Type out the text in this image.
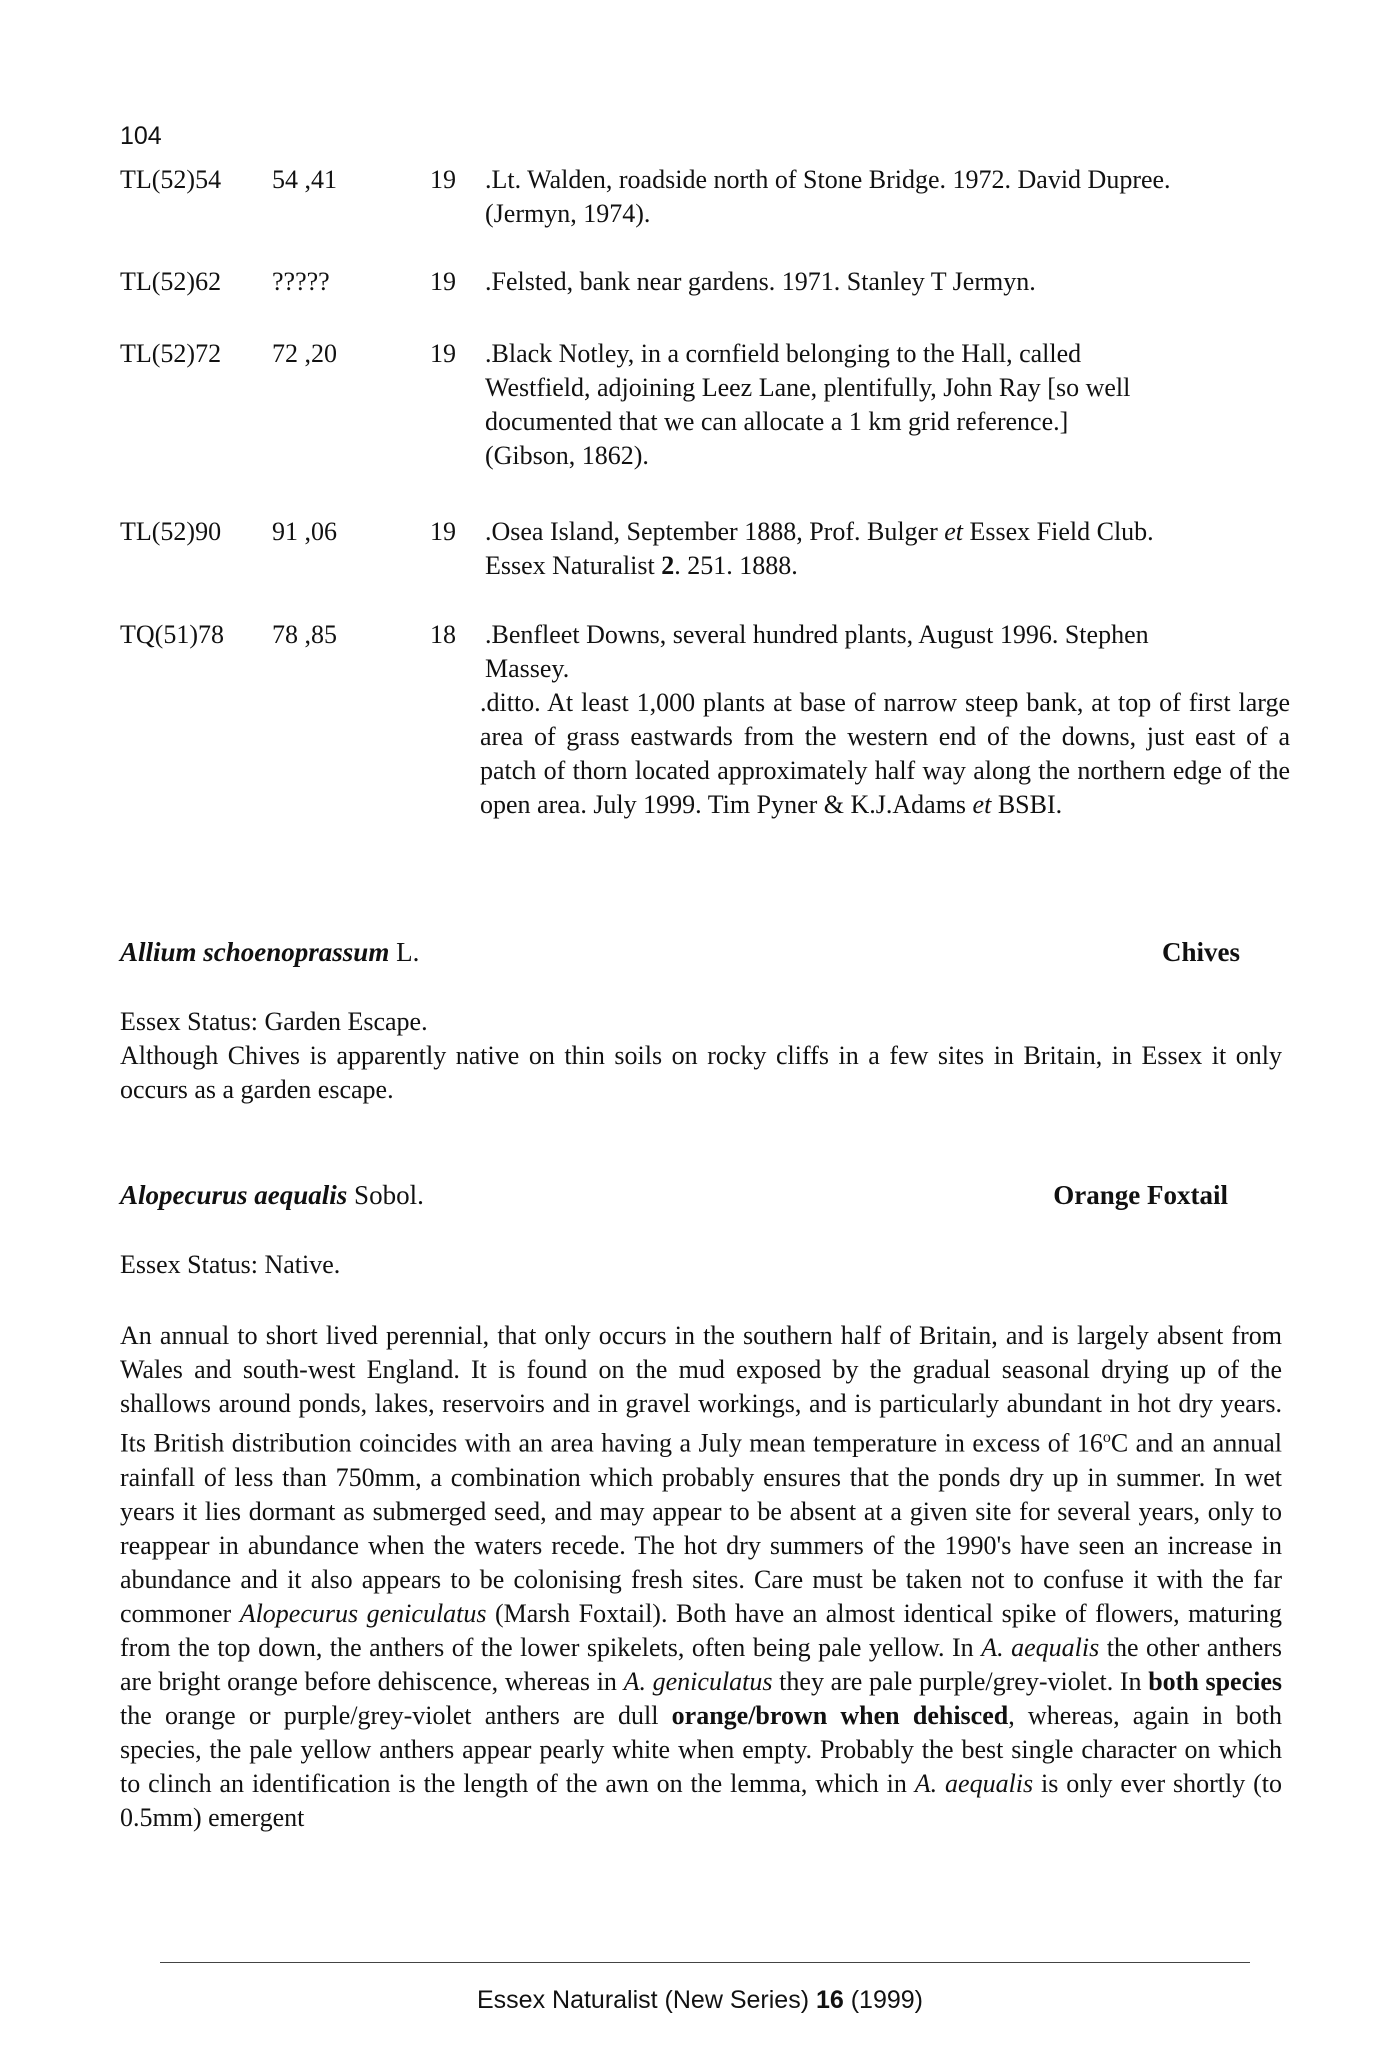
104
TL(52)54 54 ,41	19 .Lt. Walden, roadside north of Stone Bridge. 1972. David Dupree.
(Jermyn, 1974).
TL(52)62 ?????	19 .Felsted, bank near gardens. 1971. Stanley T Jermyn.
TL(52)72 72 ,20	19 .Black Notley, in a cornfield belonging to the Hall, called
Westfield, adjoining Leez Lane, plentifully, John Ray [so well
documented that we can allocate a 1 km grid reference.]
(Gibson, 1862).
TL(52)90 91 ,06	19 .Osea Island, September 1888, Prof. Bulger et Essex Field Club.
Essex Naturalist 2. 251. 1888.
TQ(51)78 78 ,85	18 .Benfleet Downs, several hundred plants, August 1996. Stephen
Massey.
.ditto. At least 1,000 plants at base of narrow steep bank, at top of first large area of grass eastwards from the western end of the downs, just east of a patch of thorn located approximately half way along the northern edge of the open area. July 1999. Tim Pyner & K.J.Adams et BSBI.
Allium schoenoprassum L.	Chives
Essex Status: Garden Escape.
Although Chives is apparently native on thin soils on rocky cliffs in a few sites in Britain, in Essex it only occurs as a garden escape.
Alopecurus aequalis Sobol.	Orange Foxtail
Essex Status: Native.
An annual to short lived perennial, that only occurs in the southern half of Britain, and is largely absent from Wales and south-west England. It is found on the mud exposed by the gradual seasonal drying up of the shallows around ponds, lakes, reservoirs and in gravel workings, and is particularly abundant in hot dry years. Its British distribution coincides with an area having a July mean temperature in excess of 16$^o$C and an annual rainfall of less than 750mm, a combination which probably ensures that the ponds dry up in summer. In wet years it lies dormant as submerged seed, and may appear to be absent at a given site for several years, only to reappear in abundance when the waters recede. The hot dry summers of the 1990's have seen an increase in abundance and it also appears to be colonising fresh sites. Care must be taken not to confuse it with the far commoner Alopecurus geniculatus (Marsh Foxtail). Both have an almost identical spike of flowers, maturing from the top down, the anthers of the lower spikelets, often being pale yellow. In A. aequalis the other anthers are bright orange before dehiscence, whereas in A. geniculatus they are pale purple/grey-violet. In both species the orange or purple/grey-violet anthers are dull orange/brown when dehisced, whereas, again in both species, the pale yellow anthers appear pearly white when empty. Probably the best single character on which to clinch an identification is the length of the awn on the lemma, which in A. aequalis is only ever shortly (to 0.5mm) emergent
Essex Naturalist (New Series) 16 (1999)
